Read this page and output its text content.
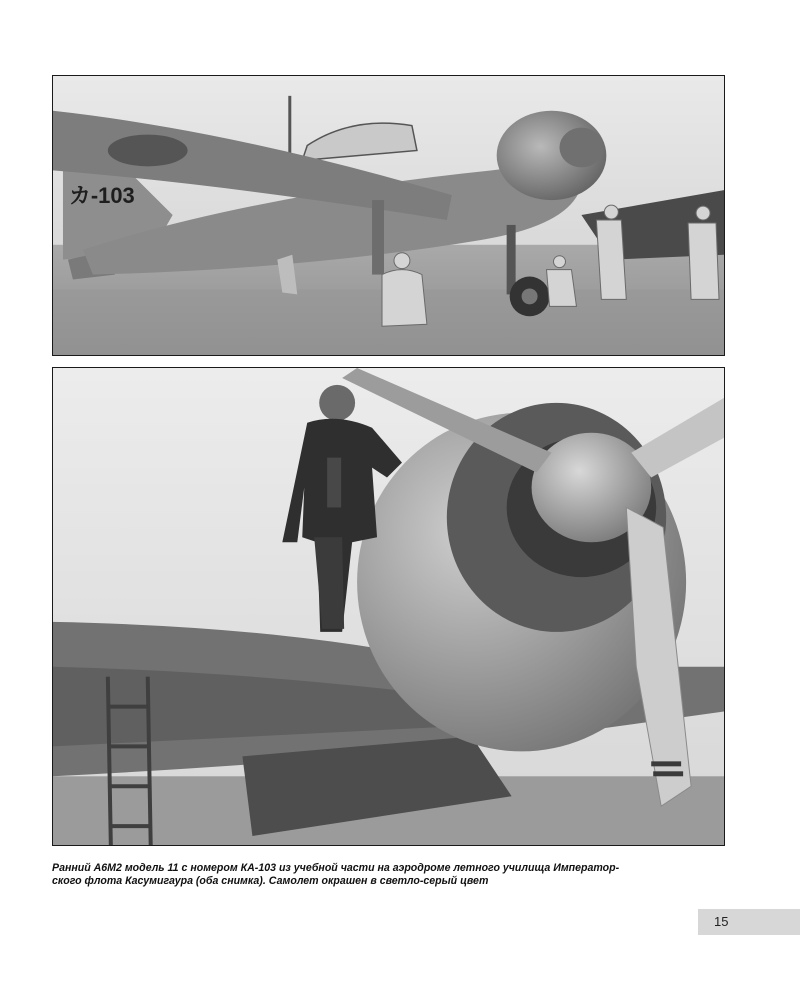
カ-103
Ранний А6М2 модель 11 с номером КА-103 из учебной части на аэродроме летного училища Император-
ского флота Касумигаура (оба снимка). Самолет окрашен в светло-серый цвет
15
